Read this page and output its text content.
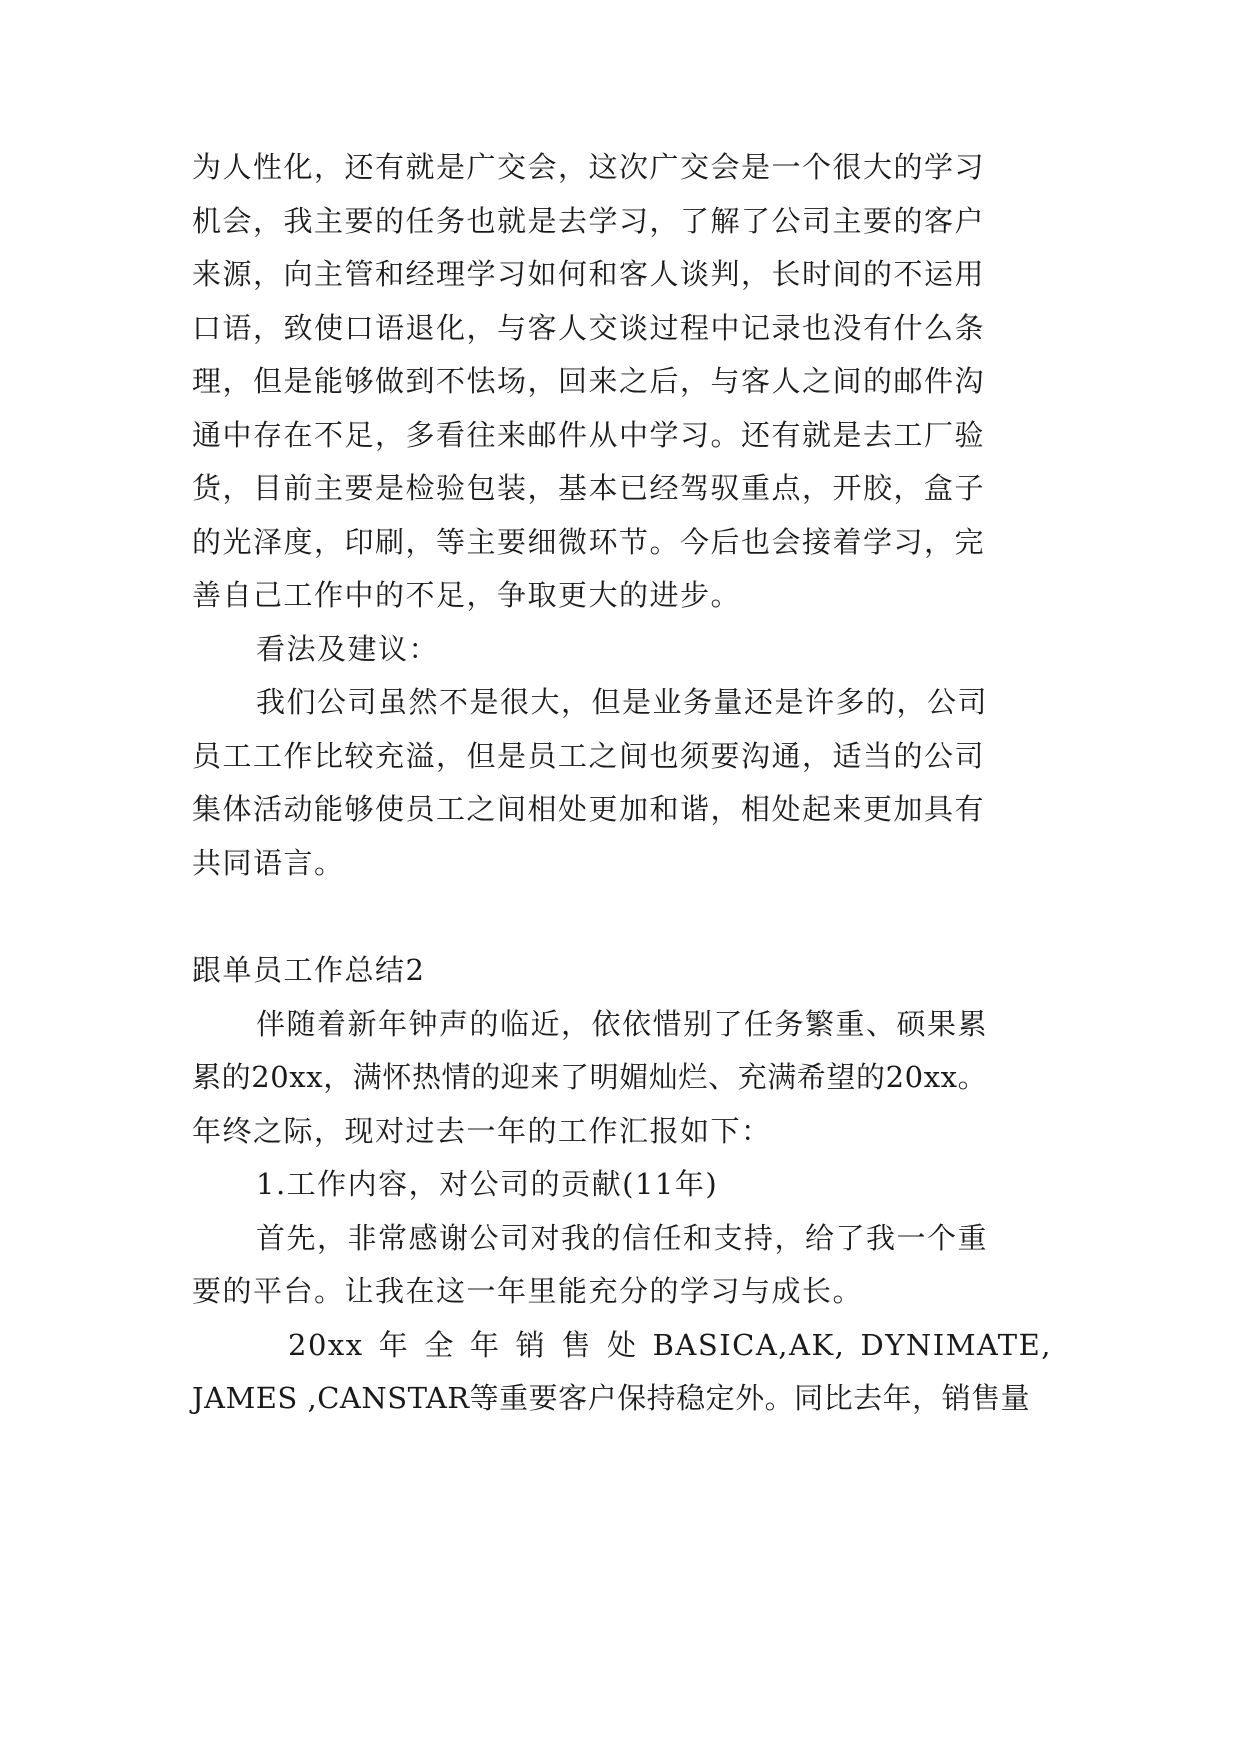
为人性化，还有就是广交会，这次广交会是一个很大的学习
机会，我主要的任务也就是去学习，了解了公司主要的客户
来源，向主管和经理学习如何和客人谈判，长时间的不运用
口语，致使口语退化，与客人交谈过程中记录也没有什么条
理，但是能够做到不怯场，回来之后，与客人之间的邮件沟
通中存在不足，多看往来邮件从中学习。还有就是去工厂验
货，目前主要是检验包装，基本已经驾驭重点，开胶，盒子
的光泽度，印刷，等主要细微环节。今后也会接着学习，完
善自己工作中的不足，争取更大的进步。
看法及建议：
我们公司虽然不是很大，但是业务量还是许多的，公司
员工工作比较充溢，但是员工之间也须要沟通，适当的公司
集体活动能够使员工之间相处更加和谐，相处起来更加具有
共同语言。
跟单员工作总结2
伴随着新年钟声的临近，依依惜别了任务繁重、硕果累
累的20xx，满怀热情的迎来了明媚灿烂、充满希望的20xx。
年终之际，现对过去一年的工作汇报如下：
1.工作内容，对公司的贡献(11年)
首先，非常感谢公司对我的信任和支持，给了我一个重
要的平台。让我在这一年里能充分的学习与成长。
20xx 年 全 年 销 售 处 BASICA,AK, DYNIMATE,
JAMES ,CANSTAR等重要客户保持稳定外。同比去年，销售量
